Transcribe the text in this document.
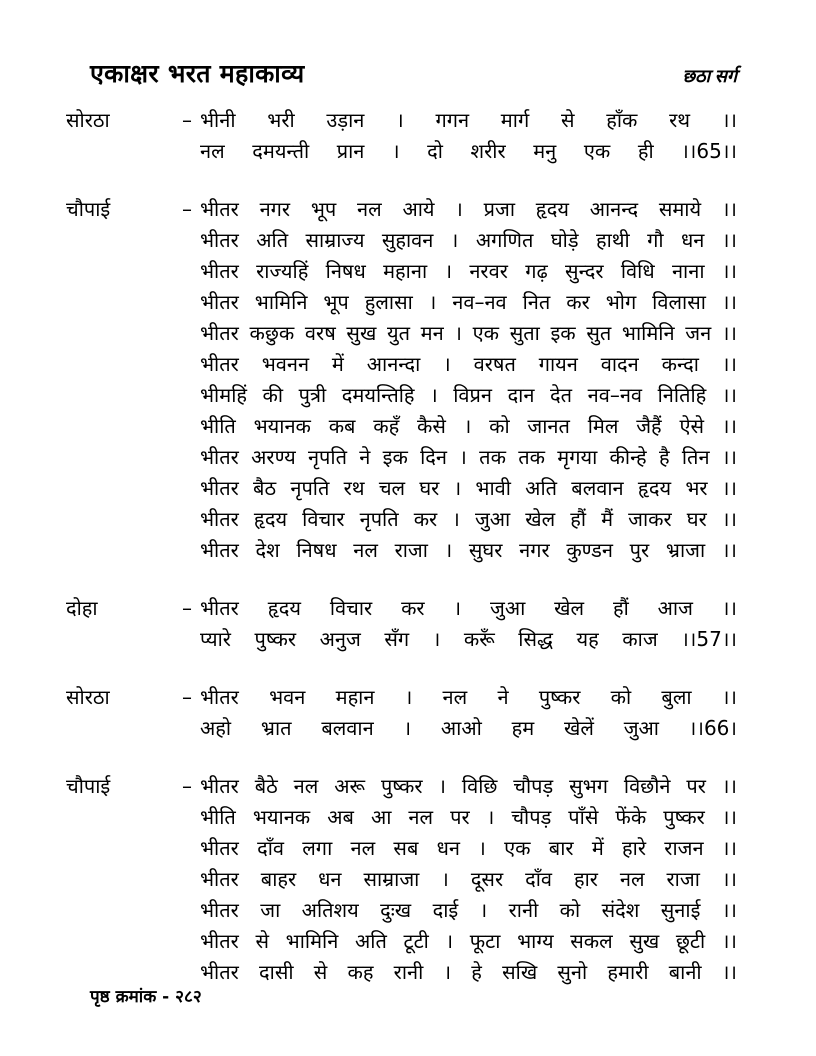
एकाक्षर भरत महाकाव्य	छठा सर्ग
सोरठा	– भीनी भरी उड़ान । गगन मार्ग से हाँक रथ ।।
नल दमयन्ती प्रान । दो शरीर मनु एक ही ।।65।।
चौपाई	– भीतर नगर भूप नल आये । प्रजा हृदय आनन्द समाये ।।
भीतर अति साम्राज्य सुहावन । अगणित घोड़े हाथी गौ धन ।।
भीतर राज्यहिं निषध महाना । नरवर गढ़ सुन्दर विधि नाना ।।
भीतर भामिनि भूप हुलासा । नव–नव नित कर भोग विलासा ।।
भीतर कछुक वरष सुख युत मन । एक सुता इक सुत भामिनि जन ।।
भीतर भवनन में आनन्दा । वरषत गायन वादन कन्दा ।।
भीमहिं की पुत्री दमयन्तिहि । विप्रन दान देत नव–नव नितिहि ।।
भीति भयानक कब कहँ कैसे । को जानत मिल जैहैं ऐसे ।।
भीतर अरण्य नृपति ने इक दिन । तक तक मृगया कीन्हे है तिन ।।
भीतर बैठ नृपति रथ चल घर । भावी अति बलवान हृदय भर ।।
भीतर हृदय विचार नृपति कर । जुआ खेल हौं मैं जाकर घर ।।
भीतर देश निषध नल राजा । सुघर नगर कुण्डन पुर भ्राजा ।।
दोहा	– भीतर हृदय विचार कर । जुआ खेल हौं आज ।।
प्यारे पुष्कर अनुज सँग । करूँ सिद्ध यह काज ।।57।।
सोरठा	– भीतर भवन महान । नल ने पुष्कर को बुला ।।
अहो भ्रात बलवान । आओ हम खेलें जुआ ।।66।
चौपाई	– भीतर बैठे नल अरू पुष्कर । विछि चौपड़ सुभग विछौने पर ।।
भीति भयानक अब आ नल पर । चौपड़ पाँसे फेंके पुष्कर ।।
भीतर दाँव लगा नल सब धन । एक बार में हारे राजन ।।
भीतर बाहर धन साम्राजा । दूसर दाँव हार नल राजा ।।
भीतर जा अतिशय दुःख दाई । रानी को संदेश सुनाई ।।
भीतर से भामिनि अति टूटी । फूटा भाग्य सकल सुख छूटी ।।
भीतर दासी से कह रानी । हे सखि सुनो हमारी बानी ।।
पृष्ठ क्रमांक - २८२
